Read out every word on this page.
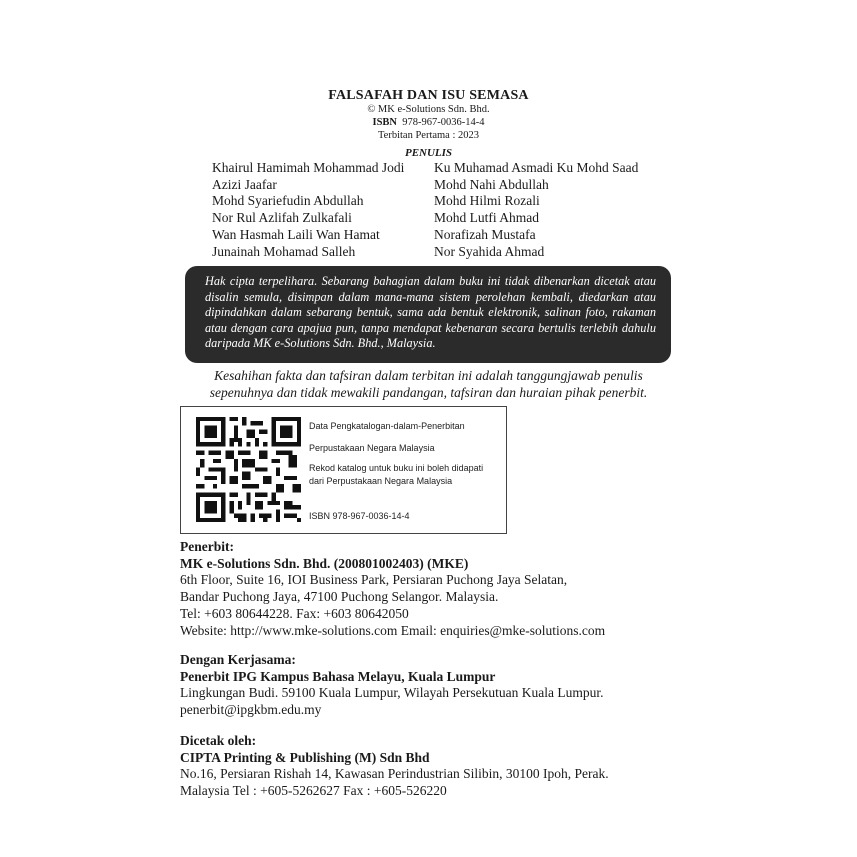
FALSAFAH DAN ISU SEMASA
© MK e-Solutions Sdn. Bhd.
ISBN 978-967-0036-14-4
Terbitan Pertama : 2023
PENULIS
Khairul Hamimah Mohammad Jodi
Azizi Jaafar
Mohd Syariefudin Abdullah
Nor Rul Azlifah Zulkafali
Wan Hasmah Laili Wan Hamat
Junainah Mohamad Salleh
Ku Muhamad Asmadi Ku Mohd Saad
Mohd Nahi Abdullah
Mohd Hilmi Rozali
Mohd Lutfi Ahmad
Norafizah Mustafa
Nor Syahida Ahmad
Hak cipta terpelihara. Sebarang bahagian dalam buku ini tidak dibenarkan dicetak atau disalin semula, disimpan dalam mana-mana sistem perolehan kembali, diedarkan atau dipindahkan dalam sebarang bentuk, sama ada bentuk elektronik, salinan foto, rakaman atau dengan cara apajua pun, tanpa mendapat kebenaran secara bertulis terlebih dahulu daripada MK e-Solutions Sdn. Bhd., Malaysia.
Kesahihan fakta dan tafsiran dalam terbitan ini adalah tanggungjawab penulis
sepenuhnya dan tidak mewakili pandangan, tafsiran dan huraian pihak penerbit.
Data Pengkatalogan-dalam-Penerbitan
Perpustakaan Negara Malaysia
Rekod katalog untuk buku ini boleh didapati
dari Perpustakaan Negara Malaysia
ISBN 978-967-0036-14-4
Penerbit:
MK e-Solutions Sdn. Bhd. (200801002403) (MKE)
6th Floor, Suite 16, IOI Business Park, Persiaran Puchong Jaya Selatan,
Bandar Puchong Jaya, 47100 Puchong Selangor. Malaysia.
Tel: +603 80644228. Fax: +603 80642050
Website: http://www.mke-solutions.com Email: enquiries@mke-solutions.com
Dengan Kerjasama:
Penerbit IPG Kampus Bahasa Melayu, Kuala Lumpur
Lingkungan Budi. 59100 Kuala Lumpur, Wilayah Persekutuan Kuala Lumpur.
penerbit@ipgkbm.edu.my
Dicetak oleh:
CIPTA Printing & Publishing (M) Sdn Bhd
No.16, Persiaran Rishah 14, Kawasan Perindustrian Silibin, 30100 Ipoh, Perak.
Malaysia Tel : +605-5262627 Fax : +605-526220
